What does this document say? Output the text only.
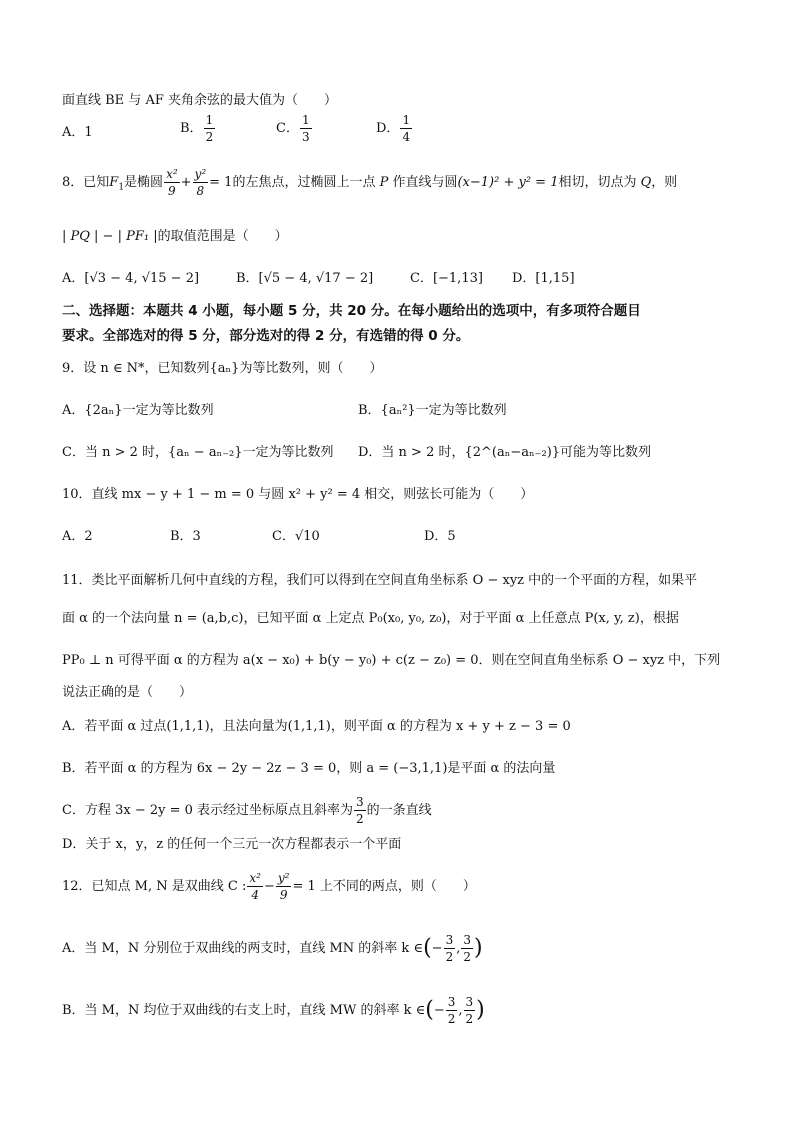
面直线 BE 与 AF 夹角余弦的最大值为（　　）
A．1	B． $\frac{1}{2}$	C． $\frac{1}{3}$	D． $\frac{1}{4}$
8．已知$F_1$是椭圆 $\frac{\text{x²}}{9} + \frac{\text{y²}}{8} = 1$的左焦点，过椭圆上一点 P 作直线与圆(x−1)² + y² = 1相切，切点为 Q，则
| PQ | − | PF₁ |的取值范围是（　　）
A．[√3 − 4, √15 − 2]	B．[√5 − 4, √17 − 2]	C．[−1,13] D．[1,15]
二、选择题：本题共 4 小题，每小题 5 分，共 20 分。在每小题给出的选项中，有多项符合题目
要求。全部选对的得 5 分，部分选对的得 2 分，有选错的得 0 分。
9．设 n ∈ N*，已知数列{aₙ}为等比数列，则（　　）
A．{2aₙ}一定为等比数列	B．{aₙ²}一定为等比数列
C．当 n > 2 时，{aₙ − aₙ₋₂}一定为等比数列 D．当 n > 2 时，{2^(aₙ−aₙ₋₂)}可能为等比数列
10．直线 mx − y + 1 − m = 0 与圆 x² + y² = 4 相交，则弦长可能为（　　）
A．2	B．3	C．√10	D．5
11．类比平面解析几何中直线的方程，我们可以得到在空间直角坐标系 O − xyz 中的一个平面的方程，如果平
面 α 的一个法向量 n = (a,b,c)，已知平面 α 上定点 P₀(x₀, y₀, z₀)，对于平面 α 上任意点 P(x, y, z)，根据
PP₀ ⊥ n 可得平面 α 的方程为 a(x − x₀) + b(y − y₀) + c(z − z₀) = 0．则在空间直角坐标系 O − xyz 中，下列
说法正确的是（　　）
A．若平面 α 过点(1,1,1)，且法向量为(1,1,1)，则平面 α 的方程为 x + y + z − 3 = 0
B．若平面 α 的方程为 6x − 2y − 2z − 3 = 0，则 a = (−3,1,1)是平面 α 的法向量
C．方程 3x − 2y = 0 表示经过坐标原点且斜率为 $\frac{3}{2}$ 的一条直线
D．关于 x，y，z 的任何一个三元一次方程都表示一个平面
12．已知点 M, N 是双曲线 C : $\frac{\text{x²}}{4} - \frac{\text{y²}}{9} = 1$ 上不同的两点，则（　　）
A．当 M，N 分别位于双曲线的两支时，直线 MN 的斜率 k ∈(− $\frac{3}{2}$ , $\frac{3}{2}$ )
B．当 M，N 均位于双曲线的右支上时，直线 MW 的斜率 k ∈(− $\frac{3}{2}$ , $\frac{3}{2}$ )
